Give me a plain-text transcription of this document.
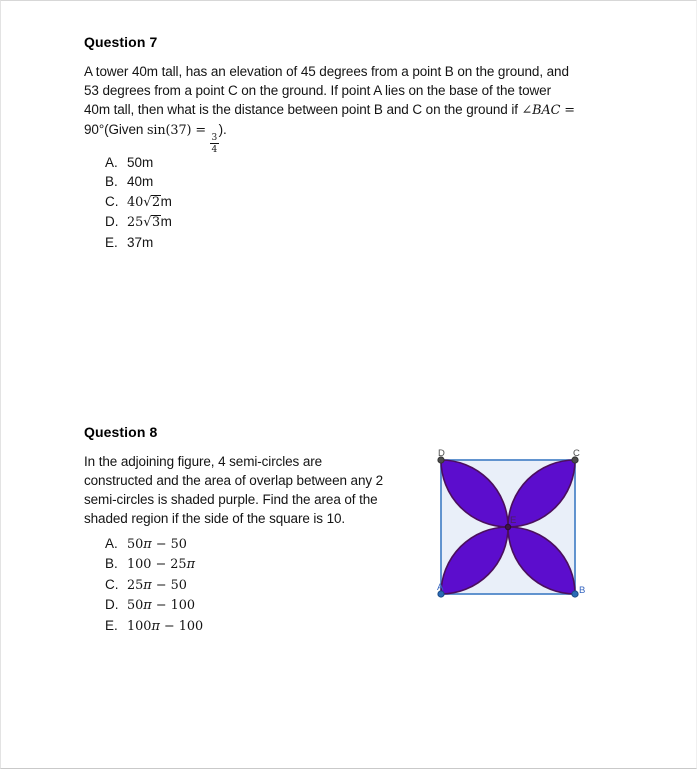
Question 7
A tower 40m tall, has an elevation of 45 degrees from a point B on the ground, and
53 degrees from a point C on the ground. If point A lies on the base of the tower
40m tall, then what is the distance between point B and C on the ground if ∠BAC =
90°(Given sin(37) =
$\frac{3}{4}$
).
A. 50m
B. 40m
C. 40√2m
D. 25√3m
E. 37m
Question 8
In the adjoining figure, 4 semi-circles are
constructed and the area of overlap between any 2
semi-circles is shaded purple. Find the area of the
shaded region if the side of the square is 10.
A. 50π − 50
B. 100 − 25π
C. 25π − 50
D. 50π − 100
E. 100π − 100
D	C
A	B
E
